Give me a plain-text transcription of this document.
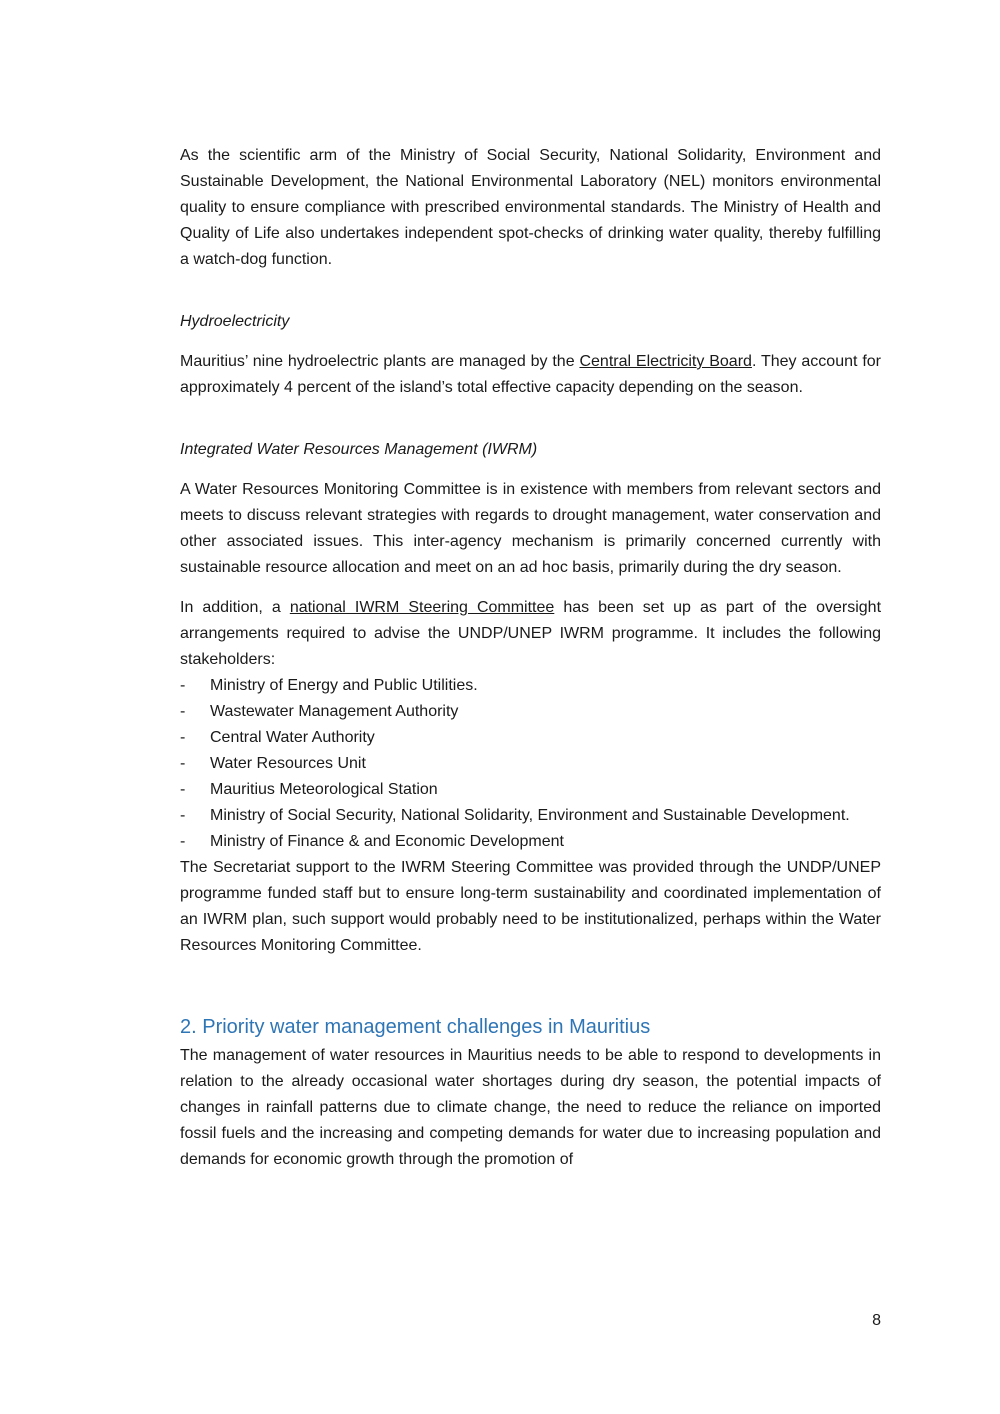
As the scientific arm of the Ministry of Social Security, National Solidarity, Environment and Sustainable Development, the National Environmental Laboratory (NEL) monitors environmental quality to ensure compliance with prescribed environmental standards. The Ministry of Health and Quality of Life also undertakes independent spot-checks of drinking water quality, thereby fulfilling a watch-dog function.

Hydroelectricity

Mauritius’ nine hydroelectric plants are managed by the Central Electricity Board. They account for approximately 4 percent of the island’s total effective capacity depending on the season.

Integrated Water Resources Management (IWRM)

A Water Resources Monitoring Committee is in existence with members from relevant sectors and meets to discuss relevant strategies with regards to drought management, water conservation and other associated issues. This inter-agency mechanism is primarily concerned currently with sustainable resource allocation and meet on an ad hoc basis, primarily during the dry season.

In addition, a national IWRM Steering Committee has been set up as part of the oversight arrangements required to advise the UNDP/UNEP IWRM programme. It includes the following stakeholders:

- Ministry of Energy and Public Utilities.
- Wastewater Management Authority
- Central Water Authority
- Water Resources Unit
- Mauritius Meteorological Station
- Ministry of Social Security, National Solidarity, Environment and Sustainable Development.
- Ministry of Finance & and Economic Development

The Secretariat support to the IWRM Steering Committee was provided through the UNDP/UNEP programme funded staff but to ensure long-term sustainability and coordinated implementation of an IWRM plan, such support would probably need to be institutionalized, perhaps within the Water Resources Monitoring Committee.

2. Priority water management challenges in Mauritius

The management of water resources in Mauritius needs to be able to respond to developments in relation to the already occasional water shortages during dry season, the potential impacts of changes in rainfall patterns due to climate change, the need to reduce the reliance on imported fossil fuels and the increasing and competing demands for water due to increasing population and demands for economic growth through the promotion of

8
